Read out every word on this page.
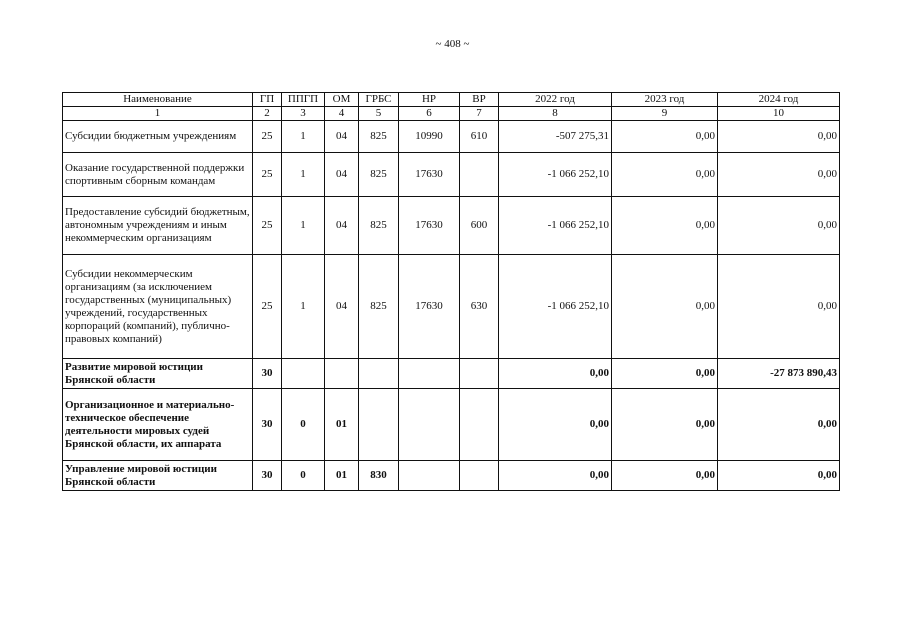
~ 408 ~
Наименование	ГП	ППГП	ОМ	ГРБС	НР	ВР	2022 год	2023 год	2024 год
1	2	3	4	5	6	7	8	9	10
Субсидии бюджетным учреждениям	25	1	04	825	10990	610	-507 275,31	0,00	0,00
Оказание государственной поддержки спортивным сборным командам	25	1	04	825	17630		-1 066 252,10	0,00	0,00
Предоставление субсидий бюджетным, автономным учреждениям и иным некоммерческим организациям	25	1	04	825	17630	600	-1 066 252,10	0,00	0,00
Субсидии некоммерческим организациям (за исключением государственных (муниципальных) учреждений, государственных корпораций (компаний), публично-правовых компаний)	25	1	04	825	17630	630	-1 066 252,10	0,00	0,00
Развитие мировой юстиции Брянской области	30						0,00	0,00	-27 873 890,43
Организационное и материально-техническое обеспечение деятельности мировых судей Брянской области, их аппарата	30	0	01				0,00	0,00	0,00
Управление мировой юстиции Брянской области	30	0	01	830			0,00	0,00	0,00
